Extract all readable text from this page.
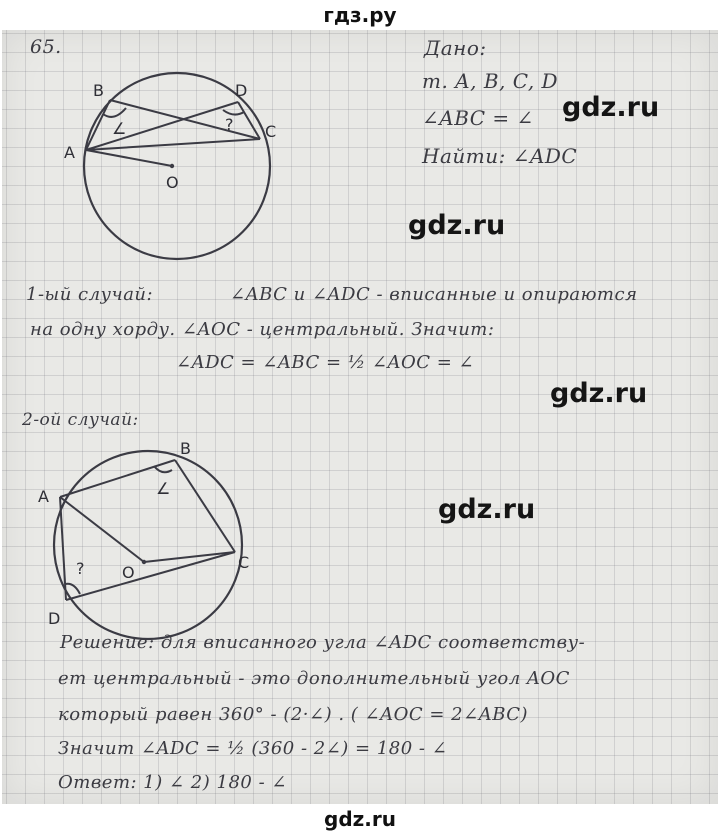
гдз.ру

65.	Дано:

т. A, B, C, D

∠ABC = ∠

Найти: ∠ADC

B
A
D
C
O
∠	?

gdz.ru

gdz.ru

1-ый случай:	∠ABC и ∠ADC - вписанные и опираются

на одну хорду. ∠AOC - центральный. Значит:

∠ADC = ∠ABC = ½ ∠AOC = ∠

gdz.ru

2-ой случай:

B
A
C
D
O
∠
?

gdz.ru

Решение: для вписанного угла ∠ADC соответству-

ет центральный - это дополнительный угол AOC

который равен 360° - (2·∠) . ( ∠AOC = 2∠ABC)

Значит ∠ADC = ½ (360 - 2∠) = 180 - ∠

Ответ: 1) ∠ 2) 180 - ∠

gdz.ru
